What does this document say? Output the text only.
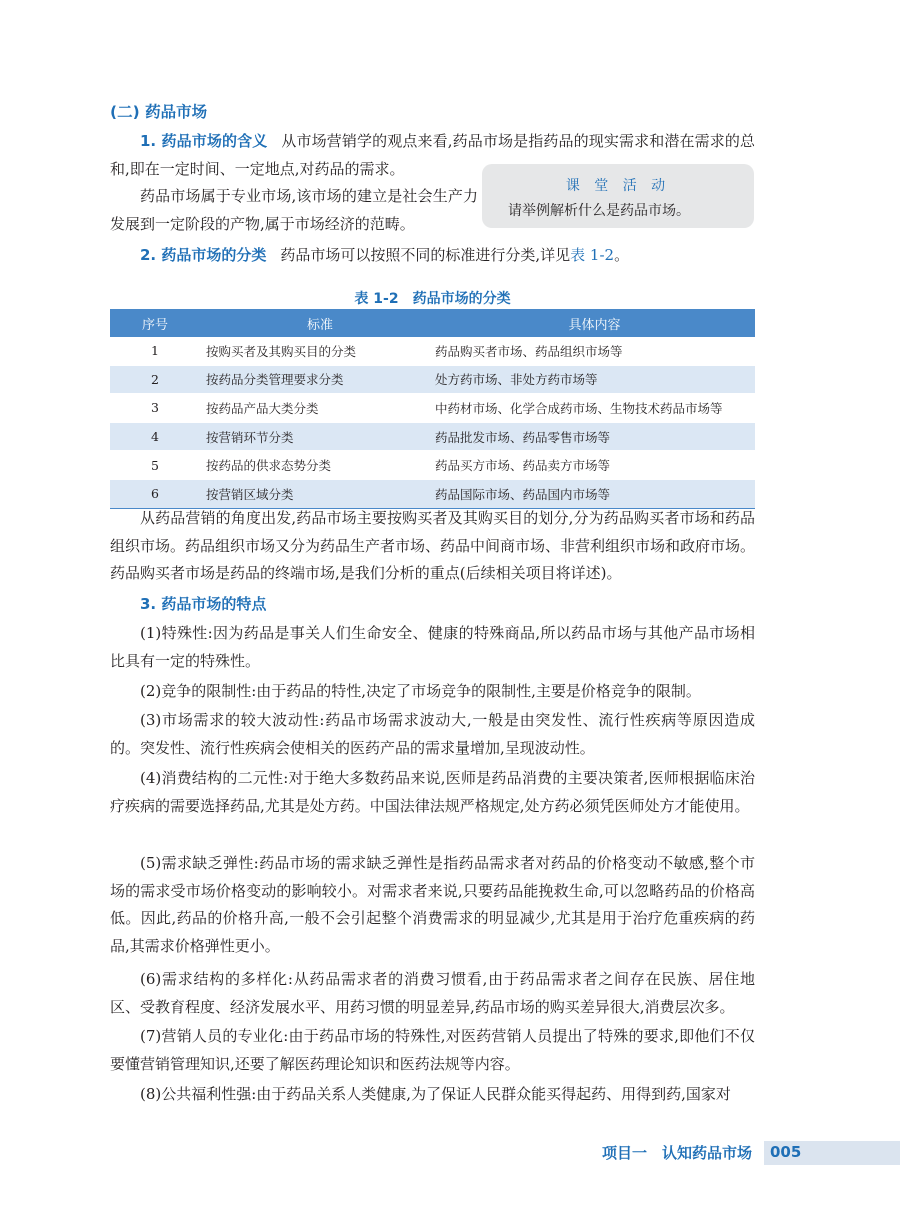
(二) 药品市场
1. 药品市场的含义 从市场营销学的观点来看,药品市场是指药品的现实需求和潜在需求的总和,即在一定时间、一定地点,对药品的需求。
药品市场属于专业市场,该市场的建立是社会生产力发展到一定阶段的产物,属于市场经济的范畴。
课 堂 活 动
请举例解析什么是药品市场。
2. 药品市场的分类 药品市场可以按照不同的标准进行分类,详见表 1-2。
表 1-2　药品市场的分类
序号	标准	具体内容
1	按购买者及其购买目的分类	药品购买者市场、药品组织市场等
2	按药品分类管理要求分类	处方药市场、非处方药市场等
3	按药品产品大类分类	中药材市场、化学合成药市场、生物技术药品市场等
4	按营销环节分类	药品批发市场、药品零售市场等
5	按药品的供求态势分类	药品买方市场、药品卖方市场等
6	按营销区域分类	药品国际市场、药品国内市场等
从药品营销的角度出发,药品市场主要按购买者及其购买目的划分,分为药品购买者市场和药品组织市场。药品组织市场又分为药品生产者市场、药品中间商市场、非营利组织市场和政府市场。药品购买者市场是药品的终端市场,是我们分析的重点(后续相关项目将详述)。
3. 药品市场的特点
(1)特殊性:因为药品是事关人们生命安全、健康的特殊商品,所以药品市场与其他产品市场相比具有一定的特殊性。
(2)竞争的限制性:由于药品的特性,决定了市场竞争的限制性,主要是价格竞争的限制。
(3)市场需求的较大波动性:药品市场需求波动大,一般是由突发性、流行性疾病等原因造成的。突发性、流行性疾病会使相关的医药产品的需求量增加,呈现波动性。
(4)消费结构的二元性:对于绝大多数药品来说,医师是药品消费的主要决策者,医师根据临床治疗疾病的需要选择药品,尤其是处方药。中国法律法规严格规定,处方药必须凭医师处方才能使用。
(5)需求缺乏弹性:药品市场的需求缺乏弹性是指药品需求者对药品的价格变动不敏感,整个市场的需求受市场价格变动的影响较小。对需求者来说,只要药品能挽救生命,可以忽略药品的价格高低。因此,药品的价格升高,一般不会引起整个消费需求的明显减少,尤其是用于治疗危重疾病的药品,其需求价格弹性更小。
(6)需求结构的多样化:从药品需求者的消费习惯看,由于药品需求者之间存在民族、居住地区、受教育程度、经济发展水平、用药习惯的明显差异,药品市场的购买差异很大,消费层次多。
(7)营销人员的专业化:由于药品市场的特殊性,对医药营销人员提出了特殊的要求,即他们不仅要懂营销管理知识,还要了解医药理论知识和医药法规等内容。
(8)公共福利性强:由于药品关系人类健康,为了保证人民群众能买得起药、用得到药,国家对
项目一　认知药品市场 005
